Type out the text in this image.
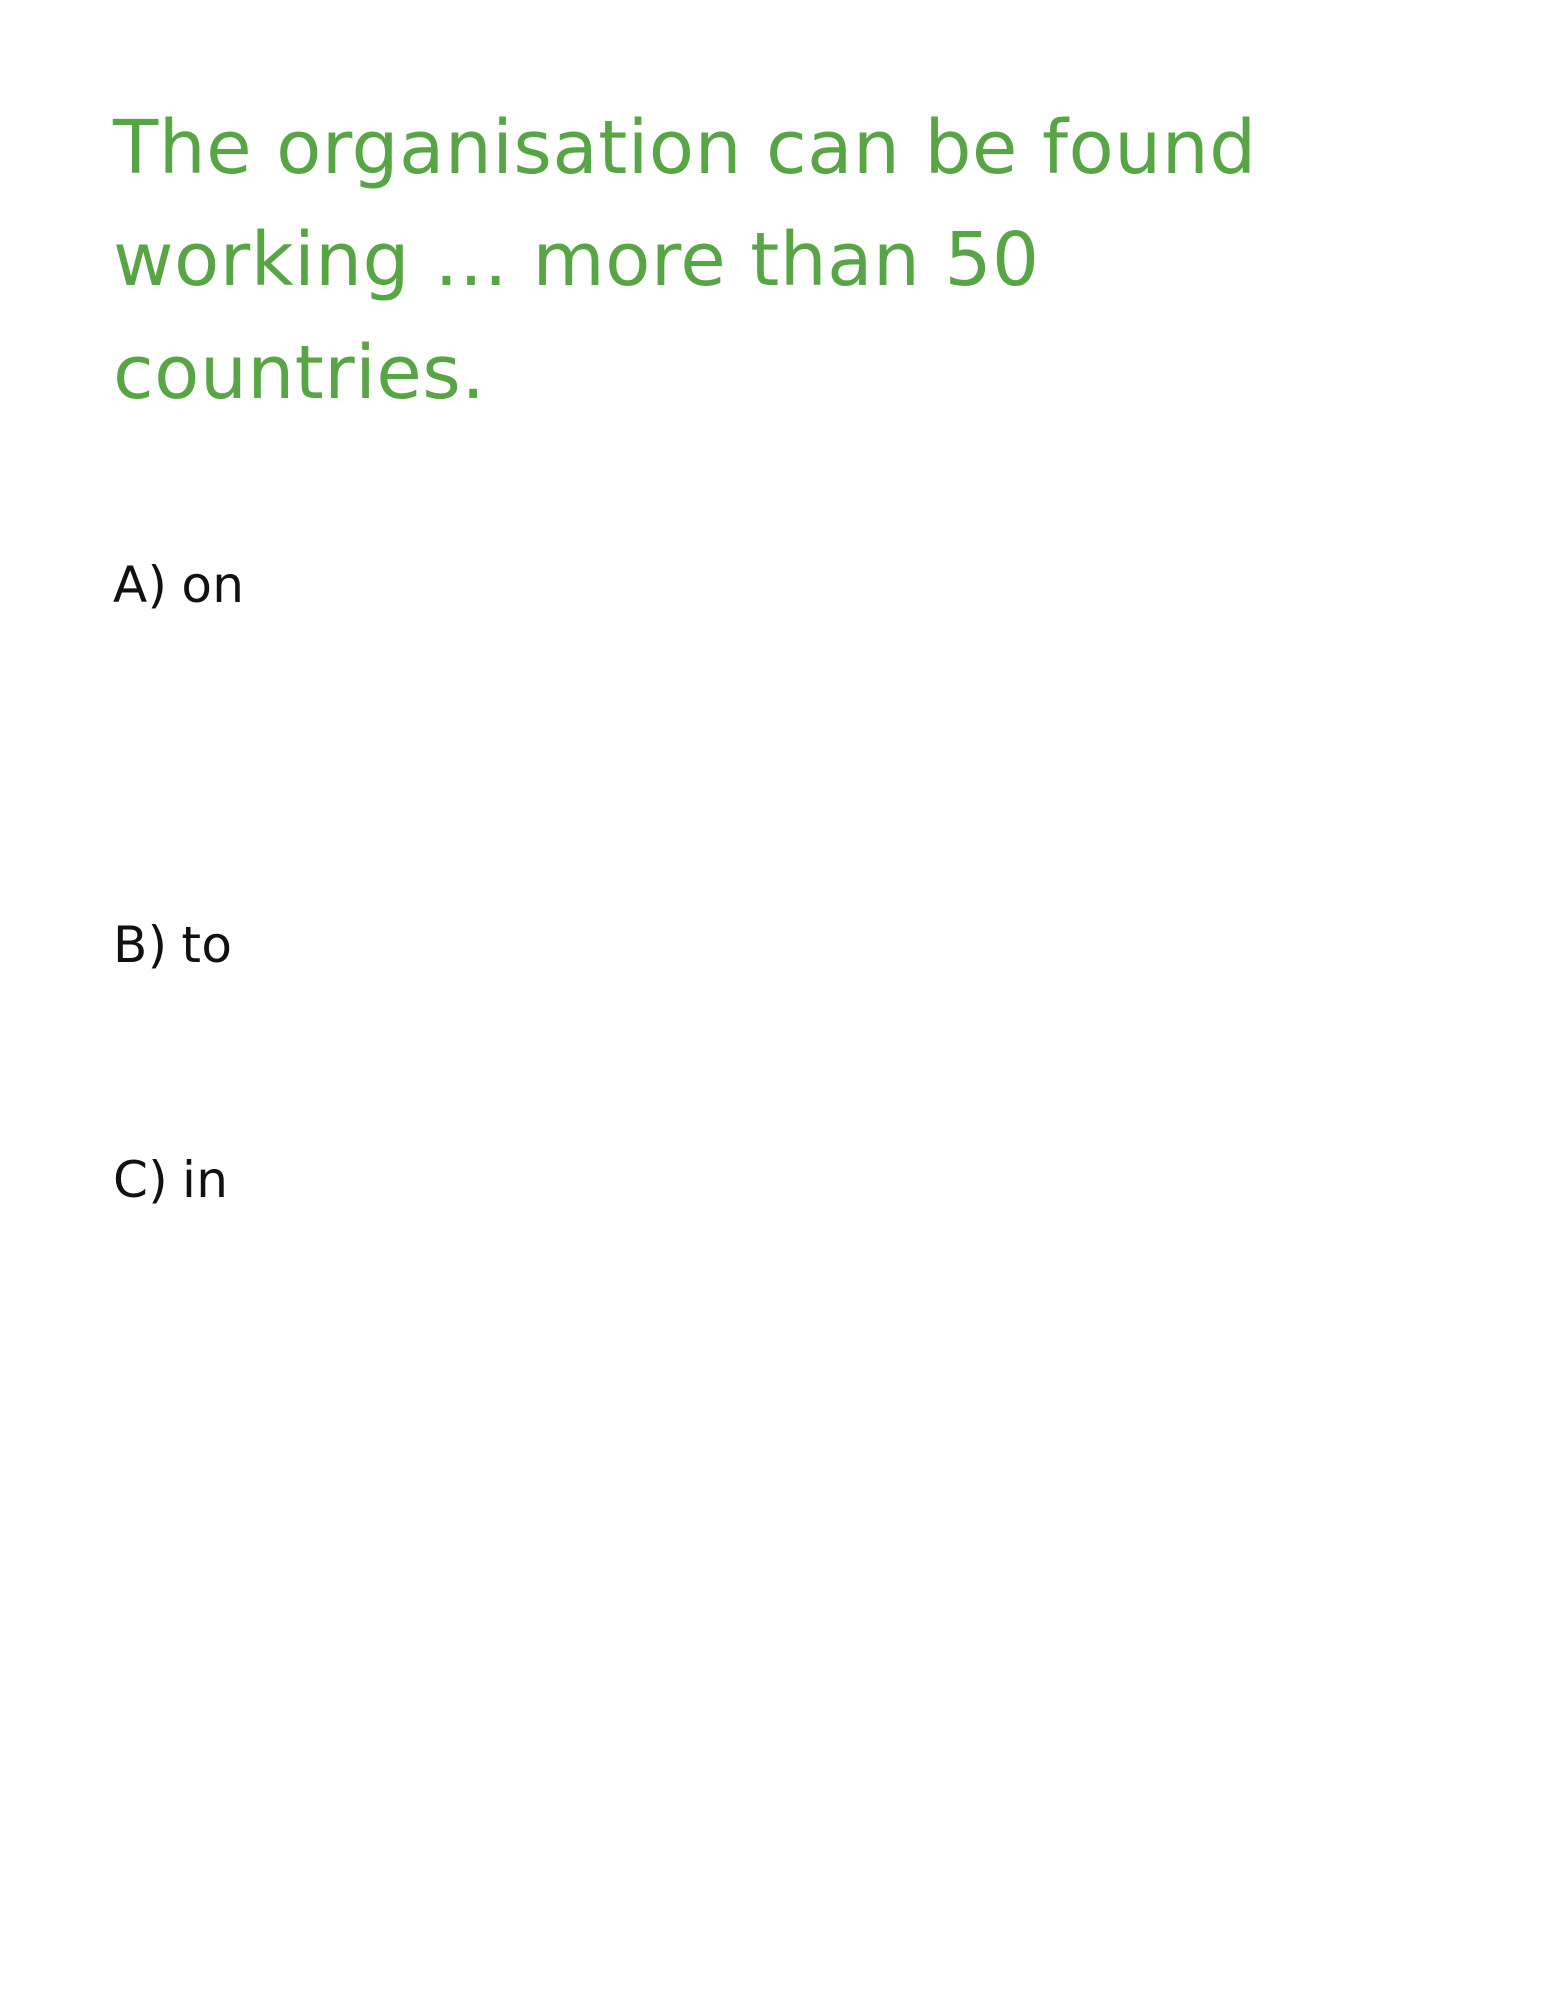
The organisation can be found working … more than 50 countries.
A) on
B) to
C) in
